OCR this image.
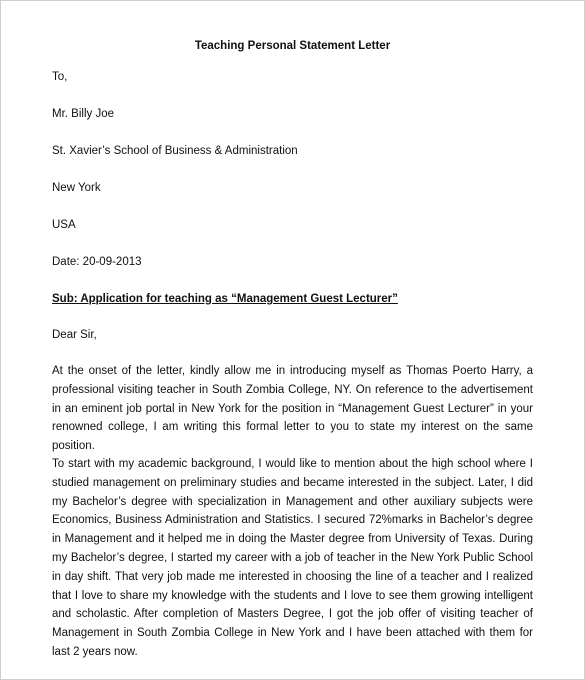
Teaching Personal Statement Letter
To,
Mr. Billy Joe
St. Xavier’s School of Business & Administration
New York
USA
Date: 20-09-2013
Sub: Application for teaching as “Management Guest Lecturer”
Dear Sir,

At the onset of the letter, kindly allow me in introducing myself as Thomas Poerto Harry, a professional visiting teacher in South Zombia College, NY. On reference to the advertisement in an eminent job portal in New York for the position in “Management Guest Lecturer” in your renowned college, I am writing this formal letter to you to state my interest on the same position.

To start with my academic background, I would like to mention about the high school where I studied management on preliminary studies and became interested in the subject. Later, I did my Bachelor’s degree with specialization in Management and other auxiliary subjects were Economics, Business Administration and Statistics. I secured 72%marks in Bachelor’s degree in Management and it helped me in doing the Master degree from University of Texas. During my Bachelor’s degree, I started my career with a job of teacher in the New York Public School in day shift. That very job made me interested in choosing the line of a teacher and I realized that I love to share my knowledge with the students and I love to see them growing intelligent and scholastic. After completion of Masters Degree, I got the job offer of visiting teacher of Management in South Zombia College in New York and I have been attached with them for last 2 years now.
